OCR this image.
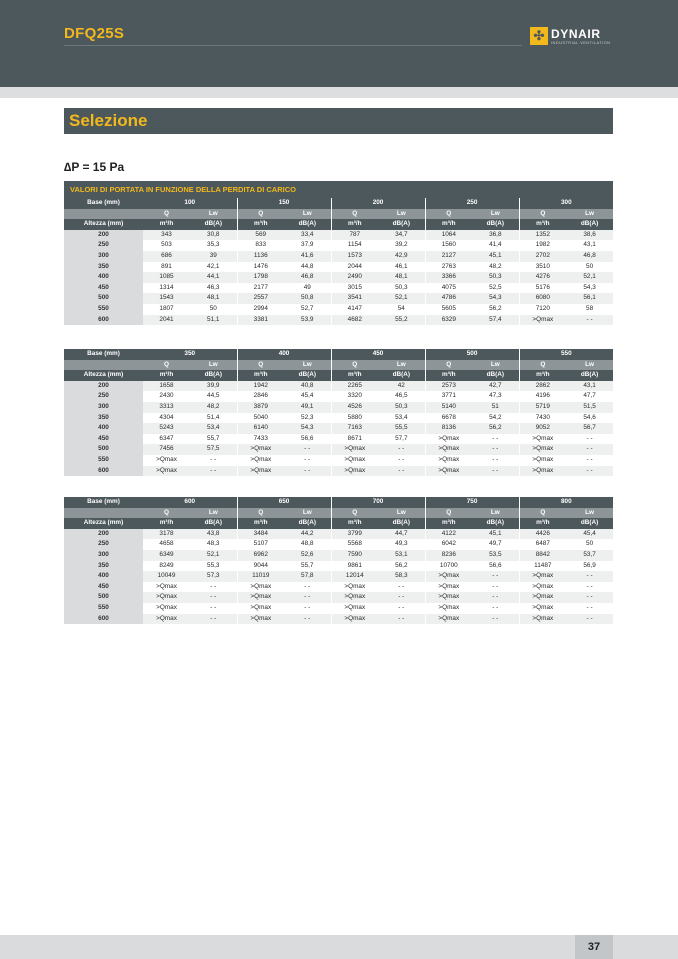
DFQ25S	✣ DYNAIR
INDUSTRIAL VENTILATION
Selezione
∆P = 15 Pa
VALORI DI PORTATA IN FUNZIONE DELLA PERDITA DI CARICO
Base (mm)	100		150		200		250		300	
	Q	Lw	Q	Lw	Q	Lw	Q	Lw	Q	Lw
Altezza (mm)	m³/h	dB(A)	m³/h	dB(A)	m³/h	dB(A)	m³/h	dB(A)	m³/h	dB(A)
200	343	30,8	569	33,4	787	34,7	1064	36,8	1352	38,6
250	503	35,3	833	37,9	1154	39,2	1560	41,4	1982	43,1
300	686	39	1136	41,6	1573	42,9	2127	45,1	2702	46,8
350	891	42,1	1476	44,8	2044	46,1	2763	48,2	3510	50
400	1085	44,1	1798	46,8	2490	48,1	3366	50,3	4276	52,1
450	1314	46,3	2177	49	3015	50,3	4075	52,5	5176	54,3
500	1543	48,1	2557	50,8	3541	52,1	4786	54,3	6080	56,1
550	1807	50	2994	52,7	4147	54	5605	56,2	7120	58
600	2041	51,1	3381	53,9	4682	55,2	6329	57,4	>Qmax	- -
Base (mm)	350		400		450		500		550	
	Q	Lw	Q	Lw	Q	Lw	Q	Lw	Q	Lw
Altezza (mm)	m³/h	dB(A)	m³/h	dB(A)	m³/h	dB(A)	m³/h	dB(A)	m³/h	dB(A)
200	1658	39,9	1942	40,8	2265	42	2573	42,7	2862	43,1
250	2430	44,5	2846	45,4	3320	46,5	3771	47,3	4196	47,7
300	3313	48,2	3879	49,1	4526	50,3	5140	51	5719	51,5
350	4304	51,4	5040	52,3	5880	53,4	6678	54,2	7430	54,6
400	5243	53,4	6140	54,3	7163	55,5	8136	56,2	9052	56,7
450	6347	55,7	7433	56,6	8671	57,7	>Qmax	- -	>Qmax	- -
500	7456	57,5	>Qmax	- -	>Qmax	- -	>Qmax	- -	>Qmax	- -
550	>Qmax	- -	>Qmax	- -	>Qmax	- -	>Qmax	- -	>Qmax	- -
600	>Qmax	- -	>Qmax	- -	>Qmax	- -	>Qmax	- -	>Qmax	- -
Base (mm)	600		650		700		750		800	
	Q	Lw	Q	Lw	Q	Lw	Q	Lw	Q	Lw
Altezza (mm)	m³/h	dB(A)	m³/h	dB(A)	m³/h	dB(A)	m³/h	dB(A)	m³/h	dB(A)
200	3178	43,8	3484	44,2	3799	44,7	4122	45,1	4426	45,4
250	4658	48,3	5107	48,8	5568	49,3	6042	49,7	6487	50
300	6349	52,1	6962	52,6	7590	53,1	8236	53,5	8842	53,7
350	8249	55,3	9044	55,7	9861	56,2	10700	56,6	11487	56,9
400	10049	57,3	11019	57,8	12014	58,3	>Qmax	- -	>Qmax	- -
450	>Qmax	- -	>Qmax	- -	>Qmax	- -	>Qmax	- -	>Qmax	- -
500	>Qmax	- -	>Qmax	- -	>Qmax	- -	>Qmax	- -	>Qmax	- -
550	>Qmax	- -	>Qmax	- -	>Qmax	- -	>Qmax	- -	>Qmax	- -
600	>Qmax	- -	>Qmax	- -	>Qmax	- -	>Qmax	- -	>Qmax	- -
37
